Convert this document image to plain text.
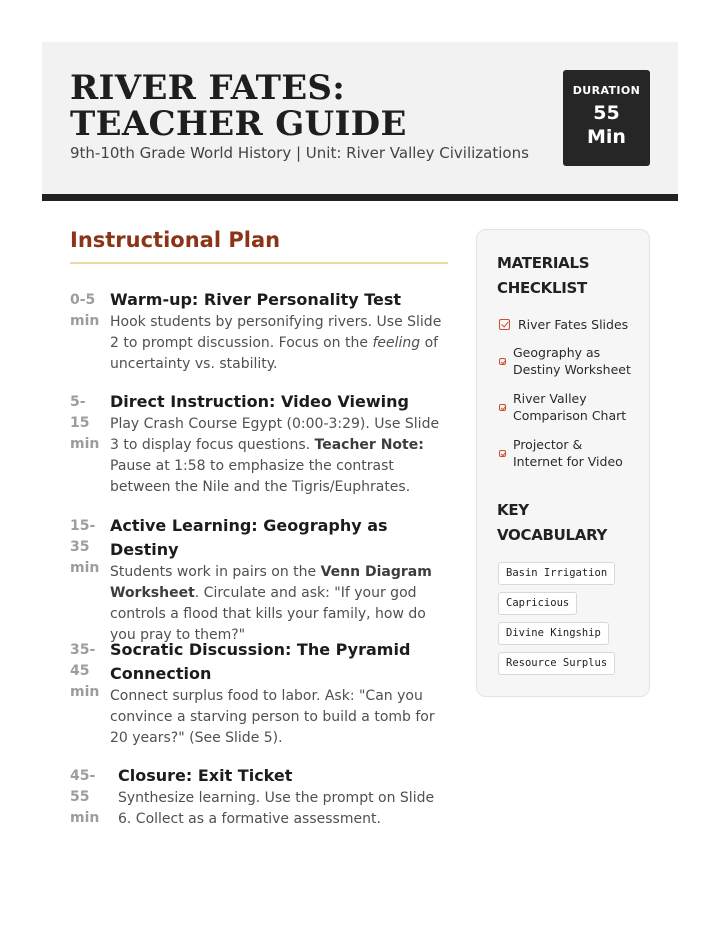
RIVER FATES: TEACHER GUIDE
9th-10th Grade World History | Unit: River Valley Civilizations
DURATION
55
Min
Instructional Plan
0-5 min
Warm-up: River Personality Test
Hook students by personifying rivers. Use Slide 2 to prompt discussion. Focus on the feeling of uncertainty vs. stability.
5-15 min
Direct Instruction: Video Viewing
Play Crash Course Egypt (0:00-3:29). Use Slide 3 to display focus questions. Teacher Note: Pause at 1:58 to emphasize the contrast between the Nile and the Tigris/Euphrates.
15-35 min
Active Learning: Geography as Destiny
Students work in pairs on the Venn Diagram Worksheet. Circulate and ask: "If your god controls a flood that kills your family, how do you pray to them?"
35-45 min
Socratic Discussion: The Pyramid Connection
Connect surplus food to labor. Ask: "Can you convince a starving person to build a tomb for 20 years?" (See Slide 5).
45-55 min
Closure: Exit Ticket
Synthesize learning. Use the prompt on Slide 6. Collect as a formative assessment.
MATERIALS CHECKLIST
River Fates Slides
Geography as Destiny Worksheet
River Valley Comparison Chart
Projector & Internet for Video
KEY VOCABULARY
Basin Irrigation
Capricious
Divine Kingship
Resource Surplus
